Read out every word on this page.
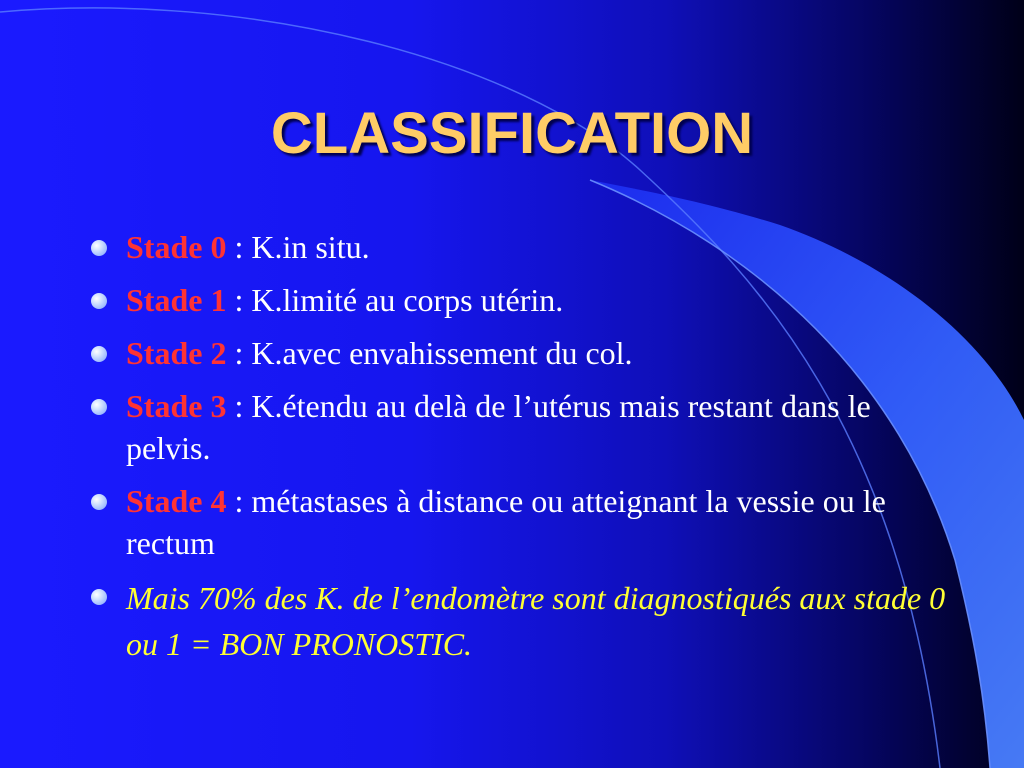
CLASSIFICATION
Stade 0 : K.in situ.
Stade 1 : K.limité au corps utérin.
Stade 2 : K.avec envahissement du col.
Stade 3 : K.étendu au delà de l’utérus mais restant dans le pelvis.
Stade 4 : métastases à distance ou atteignant la vessie ou le rectum
Mais 70% des K. de l’endomètre sont diagnostiqués aux stade 0 ou 1 = BON PRONOSTIC.
